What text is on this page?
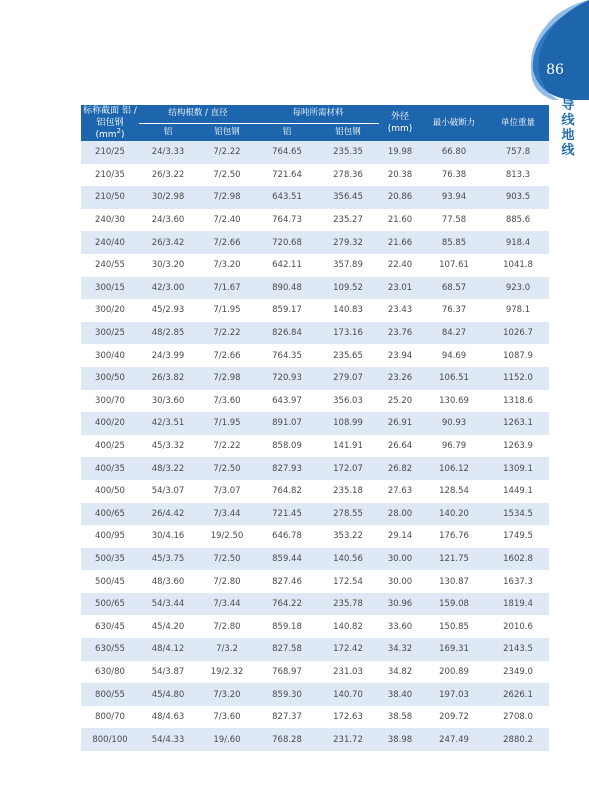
86
导线地线
标称截面 铝 /
铝包钢 $(mm^2)$	结构根数 / 直径		每吨所需材料		外径
(mm)	最小破断力	单位重量
	铝	铝包钢	铝	铝包钢			
210/25	24/3.33	7/2.22	764.65	235.35	19.98	66.80	757.8
210/35	26/3.22	7/2.50	721.64	278.36	20.38	76.38	813.3
210/50	30/2.98	7/2.98	643.51	356.45	20.86	93.94	903.5
240/30	24/3.60	7/2.40	764.73	235.27	21.60	77.58	885.6
240/40	26/3.42	7/2.66	720.68	279.32	21.66	85.85	918.4
240/55	30/3.20	7/3.20	642.11	357.89	22.40	107.61	1041.8
300/15	42/3.00	7/1.67	890.48	109.52	23.01	68.57	923.0
300/20	45/2.93	7/1.95	859.17	140.83	23.43	76.37	978.1
300/25	48/2.85	7/2.22	826.84	173.16	23.76	84.27	1026.7
300/40	24/3.99	7/2.66	764.35	235.65	23.94	94.69	1087.9
300/50	26/3.82	7/2.98	720.93	279.07	23.26	106.51	1152.0
300/70	30/3.60	7/3.60	643.97	356.03	25.20	130.69	1318.6
400/20	42/3.51	7/1.95	891.07	108.99	26.91	90.93	1263.1
400/25	45/3.32	7/2.22	858.09	141.91	26.64	96.79	1263.9
400/35	48/3.22	7/2.50	827.93	172.07	26.82	106.12	1309.1
400/50	54/3.07	7/3.07	764.82	235.18	27.63	128.54	1449.1
400/65	26/4.42	7/3.44	721.45	278.55	28.00	140.20	1534.5
400/95	30/4.16	19/2.50	646.78	353.22	29.14	176.76	1749.5
500/35	45/3.75	7/2.50	859.44	140.56	30.00	121.75	1602.8
500/45	48/3.60	7/2.80	827.46	172.54	30.00	130.87	1637.3
500/65	54/3.44	7/3.44	764.22	235.78	30.96	159.08	1819.4
630/45	45/4.20	7/2.80	859.18	140.82	33.60	150.85	2010.6
630/55	48/4.12	7/3.2	827.58	172.42	34.32	169.31	2143.5
630/80	54/3.87	19/2.32	768.97	231.03	34.82	200.89	2349.0
800/55	45/4.80	7/3.20	859.30	140.70	38.40	197.03	2626.1
800/70	48/4.63	7/3.60	827.37	172.63	38.58	209.72	2708.0
800/100	54/4.33	19/.60	768.28	231.72	38.98	247.49	2880.2
